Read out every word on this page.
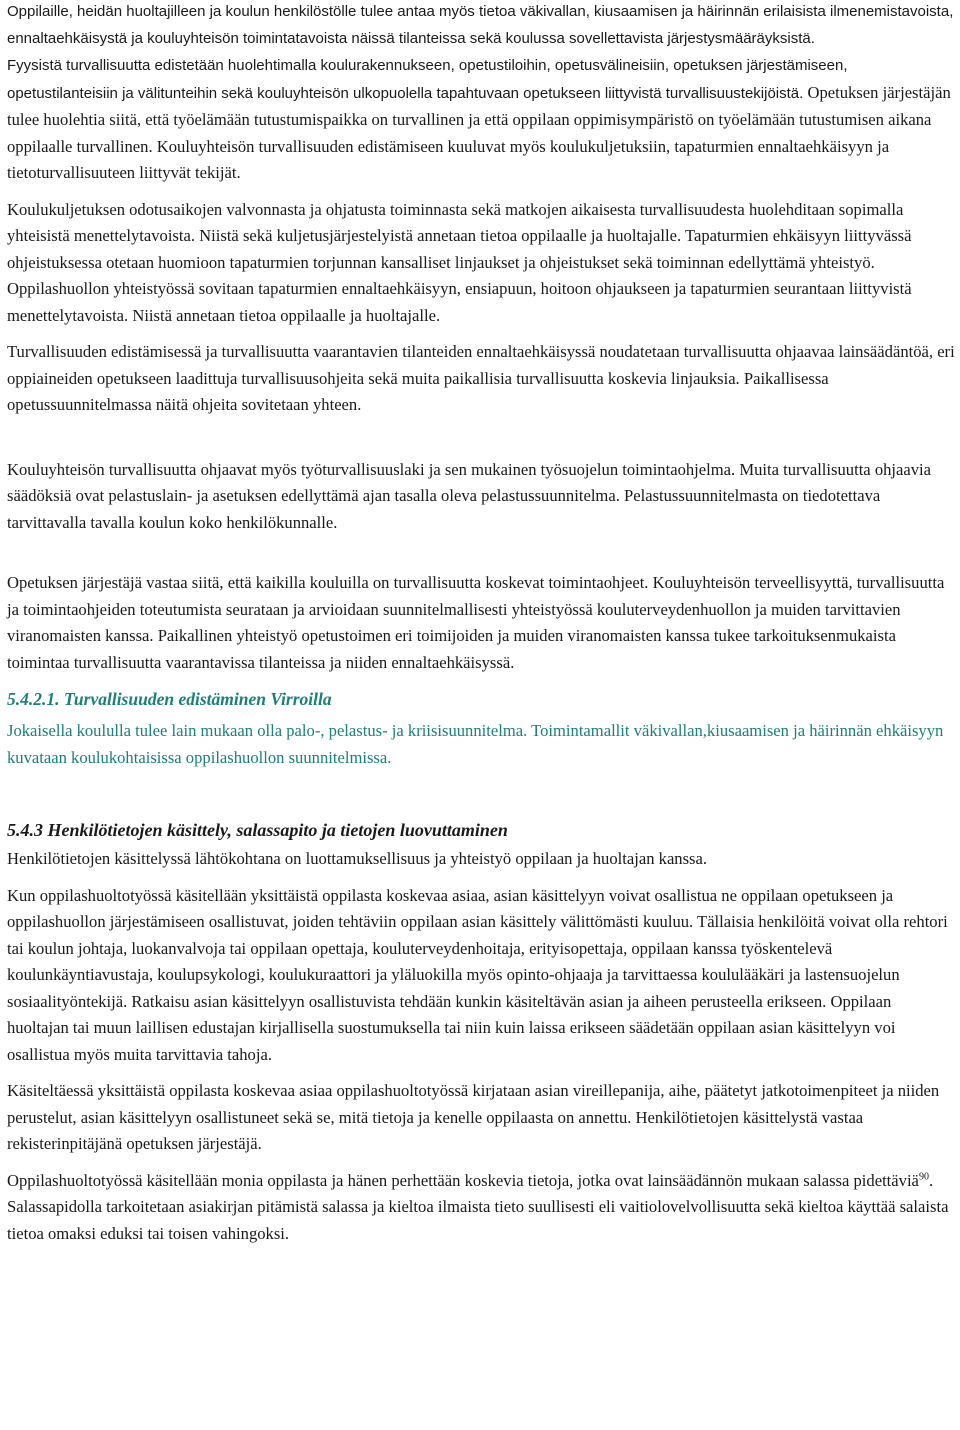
Oppilaille, heidän huoltajilleen ja koulun henkilöstölle tulee antaa myös tietoa väkivallan, kiusaamisen ja häirinnän erilaisista ilmenemistavoista, ennaltaehkäisystä ja kouluyhteisön toimintatavoista näissä tilanteissa sekä koulussa sovellettavista järjestysmääräyksistä.

Fyysistä turvallisuutta edistetään huolehtimalla koulurakennukseen, opetustiloihin, opetusvälineisiin, opetuksen järjestämiseen, opetustilanteisiin ja välitunteihin sekä kouluyhteisön ulkopuolella tapahtuvaan opetukseen liittyvistä turvallisuustekijöistä. Opetuksen järjestäjän tulee huolehtia siitä, että työelämään tutustumispaikka on turvallinen ja että oppilaan oppimisympäristö on työelämään tutustumisen aikana oppilaalle turvallinen. Kouluyhteisön turvallisuuden edistämiseen kuuluvat myös koulukuljetuksiin, tapaturmien ennaltaehkäisyyn ja tietoturvallisuuteen liittyvät tekijät.

Koulukuljetuksen odotusaikojen valvonnasta ja ohjatusta toiminnasta sekä matkojen aikaisesta turvallisuudesta huolehditaan sopimalla yhteisistä menettelytavoista. Niistä sekä kuljetusjärjestelyistä annetaan tietoa oppilaalle ja huoltajalle. Tapaturmien ehkäisyyn liittyvässä ohjeistuksessa otetaan huomioon tapaturmien torjunnan kansalliset linjaukset ja ohjeistukset sekä toiminnan edellyttämä yhteistyö. Oppilashuollon yhteistyössä sovitaan tapaturmien ennaltaehkäisyyn, ensiapuun, hoitoon ohjaukseen ja tapaturmien seurantaan liittyvistä menettelytavoista. Niistä annetaan tietoa oppilaalle ja huoltajalle.

Turvallisuuden edistämisessä ja turvallisuutta vaarantavien tilanteiden ennaltaehkäisyssä noudatetaan turvallisuutta ohjaavaa lainsäädäntöä, eri oppiaineiden opetukseen laadittuja turvallisuusohjeita sekä muita paikallisia turvallisuutta koskevia linjauksia. Paikallisessa opetussuunnitelmassa näitä ohjeita sovitetaan yhteen.

Kouluyhteisön turvallisuutta ohjaavat myös työturvallisuuslaki ja sen mukainen työsuojelun toimintaohjelma. Muita turvallisuutta ohjaavia säädöksiä ovat pelastuslain- ja asetuksen edellyttämä ajan tasalla oleva pelastussuunnitelma. Pelastussuunnitelmasta on tiedotettava tarvittavalla tavalla koulun koko henkilökunnalle.

Opetuksen järjestäjä vastaa siitä, että kaikilla kouluilla on turvallisuutta koskevat toimintaohjeet. Kouluyhteisön terveellisyyttä, turvallisuutta ja toimintaohjeiden toteutumista seurataan ja arvioidaan suunnitelmallisesti yhteistyössä kouluterveydenhuollon ja muiden tarvittavien viranomaisten kanssa. Paikallinen yhteistyö opetustoimen eri toimijoiden ja muiden viranomaisten kanssa tukee tarkoituksenmukaista toimintaa turvallisuutta vaarantavissa tilanteissa ja niiden ennaltaehkäisyssä.

5.4.2.1. Turvallisuuden edistäminen Virroilla

Jokaisella koululla tulee lain mukaan olla palo-, pelastus- ja kriisisuunnitelma. Toimintamallit väkivallan,kiusaamisen ja häirinnän ehkäisyyn kuvataan koulukohtaisissa oppilashuollon suunnitelmissa.

5.4.3 Henkilötietojen käsittely, salassapito ja tietojen luovuttaminen

Henkilötietojen käsittelyssä lähtökohtana on luottamuksellisuus ja yhteistyö oppilaan ja huoltajan kanssa.

Kun oppilashuoltotyössä käsitellään yksittäistä oppilasta koskevaa asiaa, asian käsittelyyn voivat osallistua ne oppilaan opetukseen ja oppilashuollon järjestämiseen osallistuvat, joiden tehtäviin oppilaan asian käsittely välittömästi kuuluu. Tällaisia henkilöitä voivat olla rehtori tai koulun johtaja, luokanvalvoja tai oppilaan opettaja, kouluterveydenhoitaja, erityisopettaja, oppilaan kanssa työskentelevä koulunkäyntiavustaja, koulupsykologi, koulukuraattori ja yläluokilla myös opinto-ohjaaja ja tarvittaessa koululääkäri ja lastensuojelun sosiaalityöntekijä. Ratkaisu asian käsittelyyn osallistuvista tehdään kunkin käsiteltävän asian ja aiheen perusteella erikseen. Oppilaan huoltajan tai muun laillisen edustajan kirjallisella suostumuksella tai niin kuin laissa erikseen säädetään oppilaan asian käsittelyyn voi osallistua myös muita tarvittavia tahoja.

Käsiteltäessä yksittäistä oppilasta koskevaa asiaa oppilashuoltotyössä kirjataan asian vireillepanija, aihe, päätetyt jatkotoimenpiteet ja niiden perustelut, asian käsittelyyn osallistuneet sekä se, mitä tietoja ja kenelle oppilaasta on annettu. Henkilötietojen käsittelystä vastaa rekisterinpitäjänä opetuksen järjestäjä.

Oppilashuoltotyössä käsitellään monia oppilasta ja hänen perhettään koskevia tietoja, jotka ovat lainsäädännön mukaan salassa pidettäviä$^{90}$. Salassapidolla tarkoitetaan asiakirjan pitämistä salassa ja kieltoa ilmaista tieto suullisesti eli vaitiolovelvollisuutta sekä kieltoa käyttää salaista tietoa omaksi eduksi tai toisen vahingoksi.
